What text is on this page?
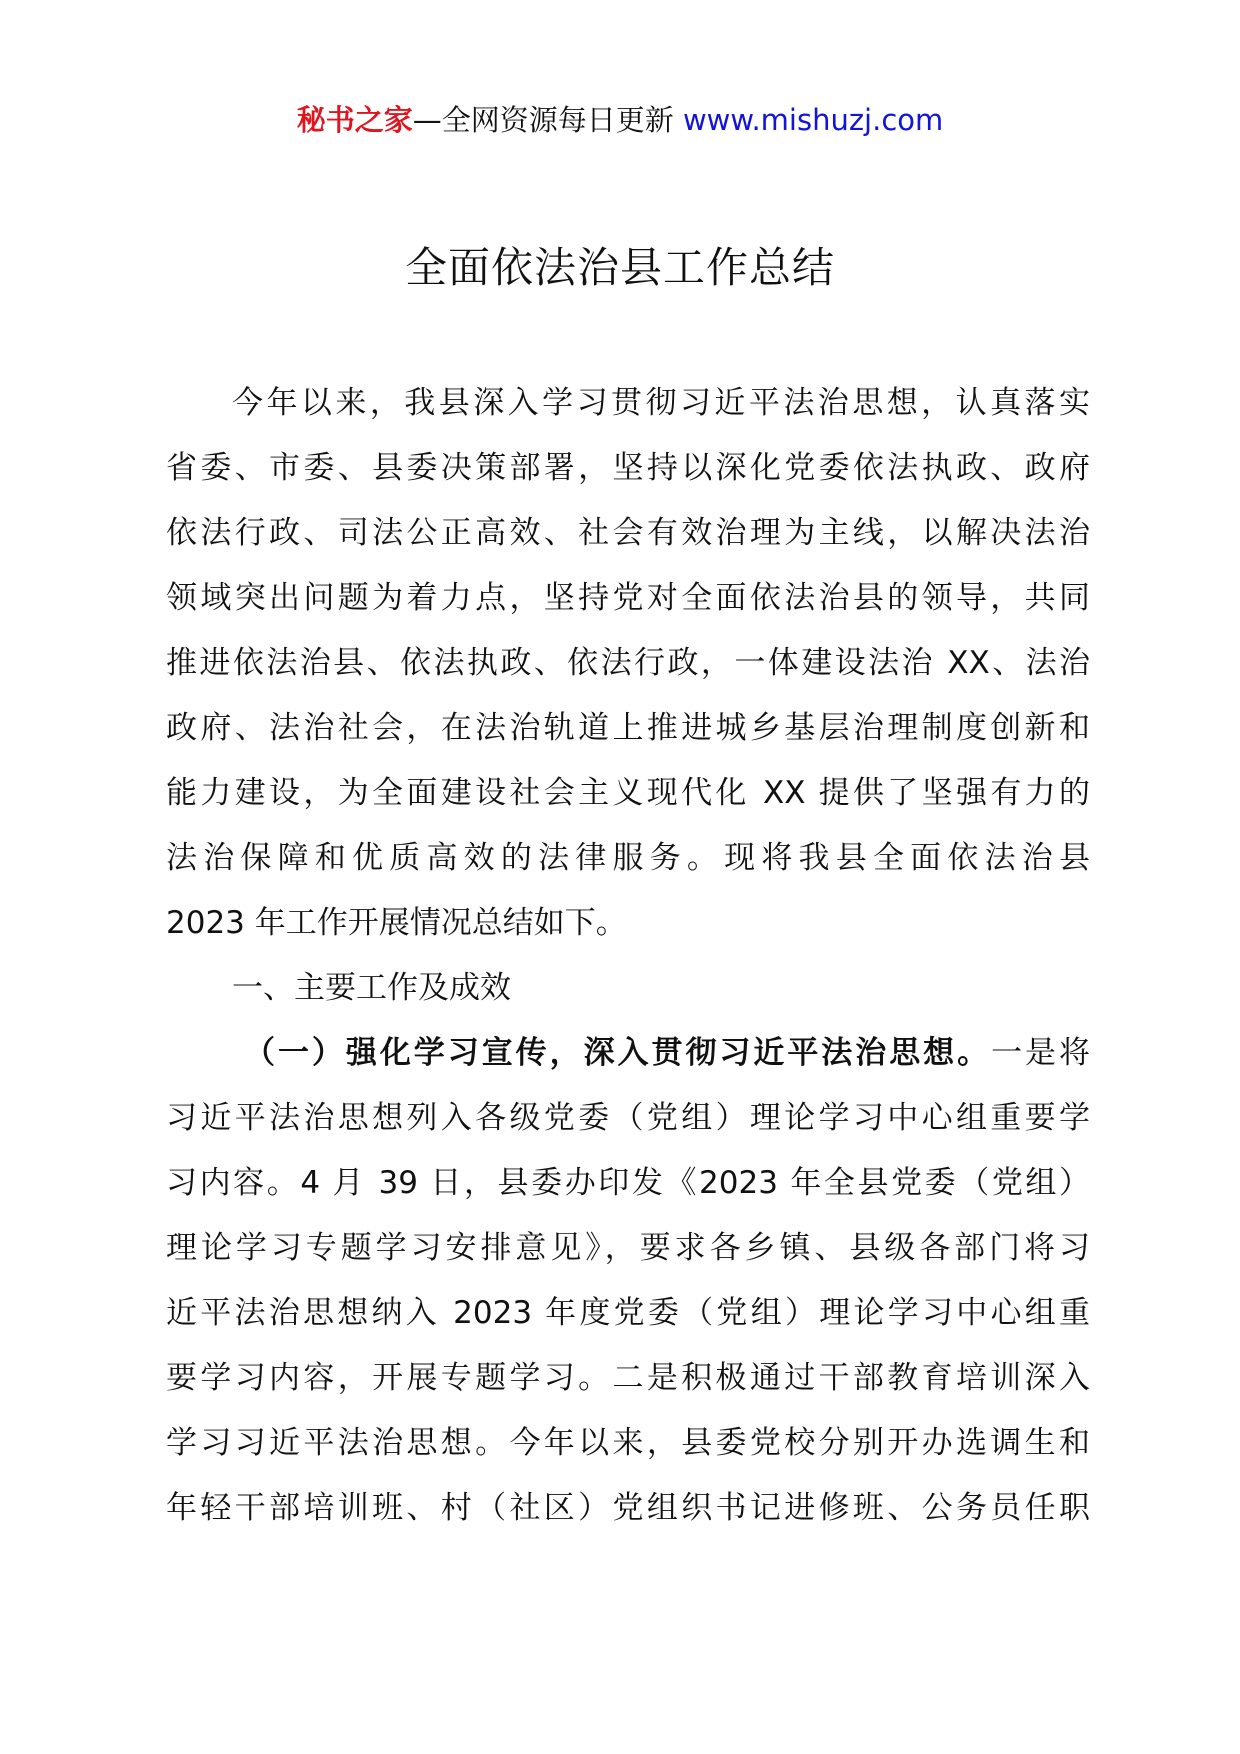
秘书之家—全网资源每日更新 www.mishuzj.com
全面依法治县工作总结
今年以来，我县深入学习贯彻习近平法治思想，认真落实
省委、市委、县委决策部署，坚持以深化党委依法执政、政府
依法行政、司法公正高效、社会有效治理为主线，以解决法治
领域突出问题为着力点，坚持党对全面依法治县的领导，共同
推进依法治县、依法执政、依法行政，一体建设法治 XX、法治
政府、法治社会，在法治轨道上推进城乡基层治理制度创新和
能力建设，为全面建设社会主义现代化 XX 提供了坚强有力的
法治保障和优质高效的法律服务。现将我县全面依法治县
2023 年工作开展情况总结如下。
一、主要工作及成效
（一）强化学习宣传，深入贯彻习近平法治思想。一是将
习近平法治思想列入各级党委（党组）理论学习中心组重要学
习内容。4 月 39 日，县委办印发《2023 年全县党委（党组）
理论学习专题学习安排意见》，要求各乡镇、县级各部门将习
近平法治思想纳入 2023 年度党委（党组）理论学习中心组重
要学习内容，开展专题学习。二是积极通过干部教育培训深入
学习习近平法治思想。今年以来，县委党校分别开办选调生和
年轻干部培训班、村（社区）党组织书记进修班、公务员任职
